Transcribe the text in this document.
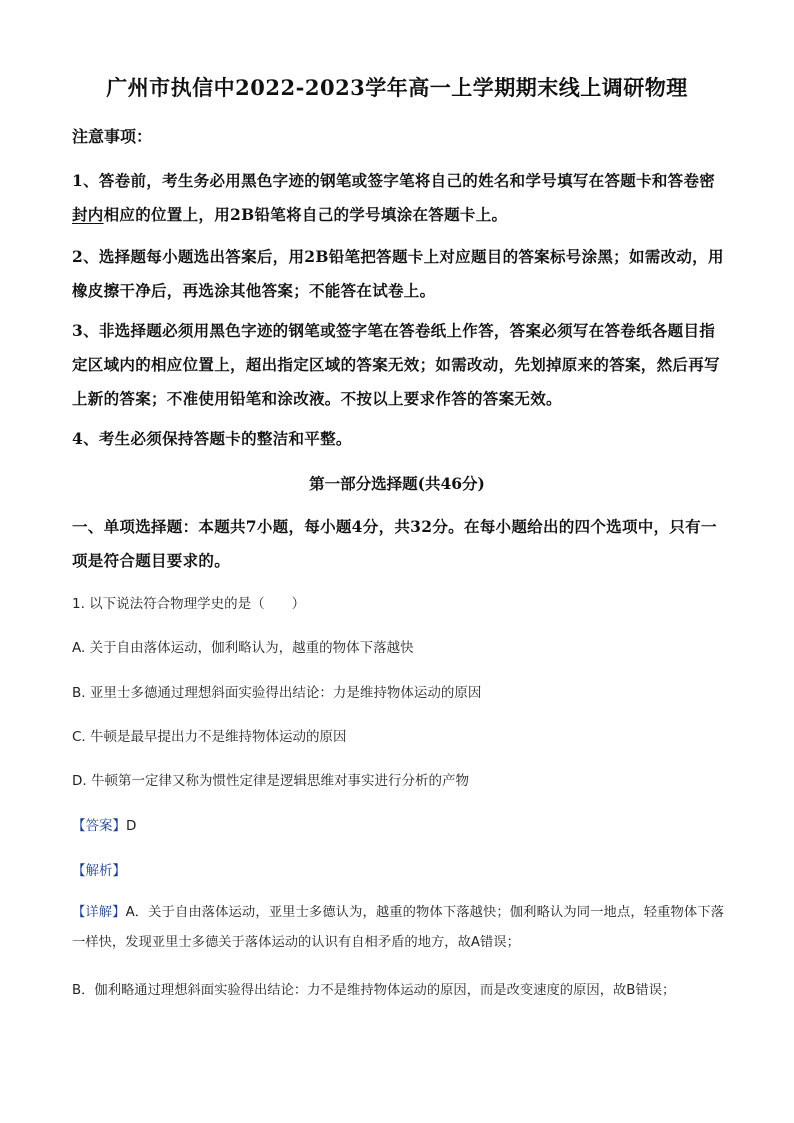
广州市执信中2022-2023学年高一上学期期末线上调研物理
注意事项：
1、答卷前，考生务必用黑色字迹的钢笔或签字笔将自己的姓名和学号填写在答题卡和答卷密封内相应的位置上，用2B铅笔将自己的学号填涂在答题卡上。
2、选择题每小题选出答案后，用2B铅笔把答题卡上对应题目的答案标号涂黑；如需改动，用橡皮擦干净后，再选涂其他答案；不能答在试卷上。
3、非选择题必须用黑色字迹的钢笔或签字笔在答卷纸上作答，答案必须写在答卷纸各题目指定区域内的相应位置上，超出指定区域的答案无效；如需改动，先划掉原来的答案，然后再写上新的答案；不准使用铅笔和涂改液。不按以上要求作答的答案无效。
4、考生必须保持答题卡的整洁和平整。
第一部分选择题(共46分)
一、单项选择题：本题共7小题，每小题4分，共32分。在每小题给出的四个选项中，只有一项是符合题目要求的。
1. 以下说法符合物理学史的是（　　）
A. 关于自由落体运动，伽利略认为，越重的物体下落越快
B. 亚里士多德通过理想斜面实验得出结论：力是维持物体运动的原因
C. 牛顿是最早提出力不是维持物体运动的原因
D. 牛顿第一定律又称为惯性定律是逻辑思维对事实进行分析的产物
【答案】D
【解析】
【详解】A．关于自由落体运动，亚里士多德认为，越重的物体下落越快；伽利略认为同一地点，轻重物体下落一样快，发现亚里士多德关于落体运动的认识有自相矛盾的地方，故A错误；
B．伽利略通过理想斜面实验得出结论：力不是维持物体运动的原因，而是改变速度的原因，故B错误；
